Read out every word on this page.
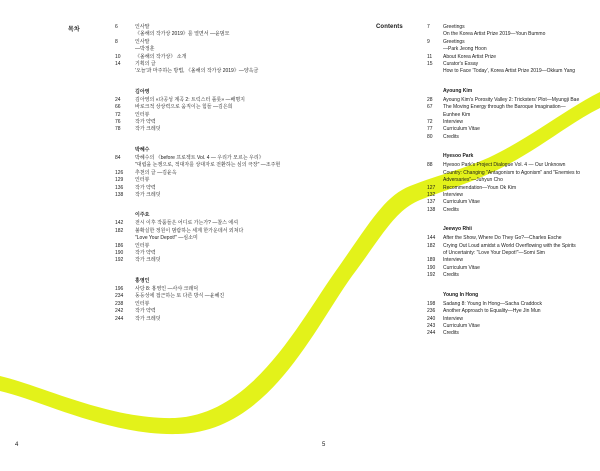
목차	6	인사말
《올해의 작가상 2019》를 열면서 —윤범모
8	인사말
—박정훈
10	《올해의 작가상》 소개
14	기획의 글
'오늘'과 마주하는 방법, 《올해의 작가상 2019》—양옥금
김아영
24	김아영의 «다공성 계곡 2: 트릭스터 플롯» —배명지
66	바로크적 상상력으로 움직이는 힘들 —김은희
72	인터뷰
76	작가 약력
78	작가 크레딧
박혜수
84	박혜수의 《before 프로젝트 Vol. 4 — 우리가 모르는 우리》
"대립을 논쟁으로, 적대자를 상대자로 전환하는 심의 극장" —조주현
126	추천의 글 —김윤옥
129	인터뷰
136	작가 약력
138	작가 크레딧
이주요
142	전시 이후 작품들은 어디로 가는가? —찰스 에셔
182	불확실한 정원이 범람하는 세계 한가운데서 외쳐다
"Love Your Depot!" —심소미
186	인터뷰
190	작가 약력
192	작가 크레딧
홍영인
196	사당 8: 홍영인 —사샤 크래덕
234	동등성에 접근하는 또 다른 방식 —윤혜진
238	인터뷰
242	작가 약력
244	작가 크레딧
4
Contents	7	Greetings
On the Korea Artist Prize 2019—Youn Bummo
9	Greetings
—Park Jeong Hoon
11	About Korea Artist Prize
15	Curator's Essay
How to Face 'Today', Korea Artist Prize 2019—Okkum Yang
Ayoung Kim
28	Ayoung Kim's Porosity Valley 2: Tricksters' Plot—Myungji Bae
67	The Moving Energy through the Baroque Imagination—
Eunhee Kim
72	Interview
77	Curriculum Vitae
80	Credits
Hyesoo Park
88	Hyesoo Park's Project Dialogue Vol. 4 — Our Unknown
Country: Changing "Antagonism to Agonism" and "Enemies to
Adversaries"—Juhyun Cho
127	Recommendation—Youn Ok Kim
132	Interview
137	Curriculum Vitae
138	Credits
Jeewyo Rhii
144	After the Show, Where Do They Go?—Charles Esche
182	Crying Out Loud amidst a World Overflowing with the Spirits
of Uncertainty: "Love Your Depot!"—Somi Sim
189	Interview
190	Curriculum Vitae
192	Credits
Young In Hong
198	Sadang 8: Young In Hong—Sacha Craddock
236	Another Approach to Equality—Hye Jin Mun
240	Interview
243	Curriculum Vitae
244	Credits
5
